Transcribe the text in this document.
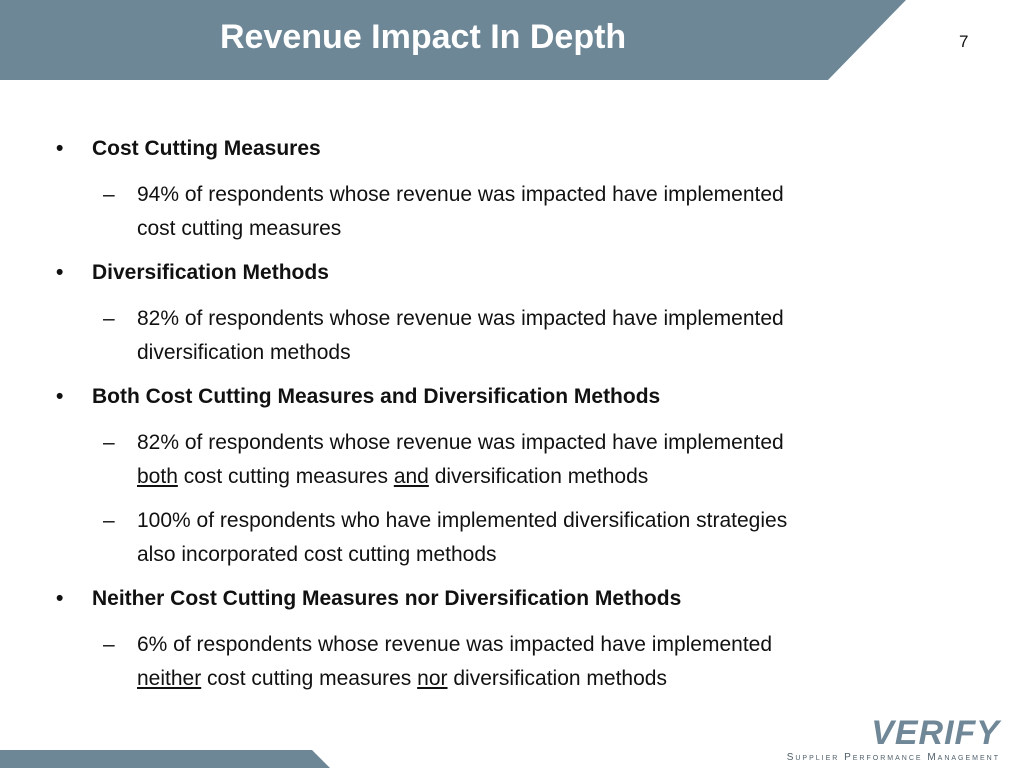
Revenue Impact In Depth	7
• Cost Cutting Measures
– 94% of respondents whose revenue was impacted have implemented
cost cutting measures
• Diversification Methods
– 82% of respondents whose revenue was impacted have implemented
diversification methods
• Both Cost Cutting Measures and Diversification Methods
– 82% of respondents whose revenue was impacted have implemented
both cost cutting measures and diversification methods
– 100% of respondents who have implemented diversification strategies
also incorporated cost cutting methods
• Neither Cost Cutting Measures nor Diversification Methods
– 6% of respondents whose revenue was impacted have implemented
neither cost cutting measures nor diversification methods
VERIFY
Supplier Performance Management
